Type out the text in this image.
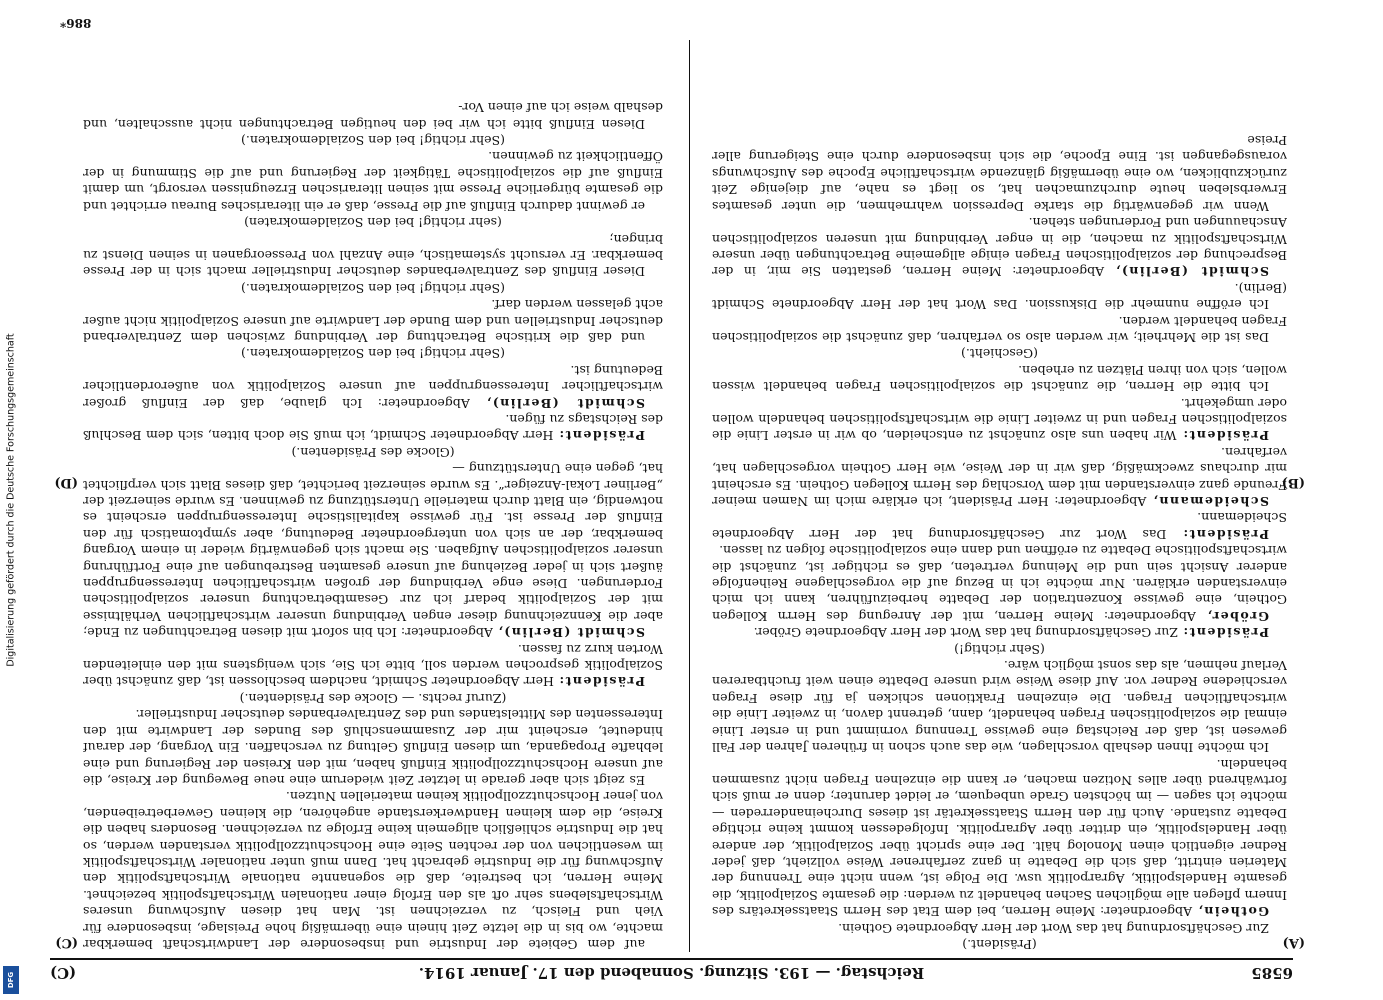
6585
Reichstag. — 193. Sitzung. Sonnabend den 17. Januar 1914.
(C)
(A)
(B)
(C)
(D)

(Präsident.)

Zur Geschäftsordnung hat das Wort der Herr Abgeordnete Gothein.

Gothein, Abgeordneter: Meine Herren, bei dem Etat des Herrn Staatssekretärs des Innern pflegen alle möglichen Sachen behandelt zu werden: die gesamte Sozialpolitik, die gesamte Handelspolitik, Agrarpolitik usw. Die Folge ist, wenn nicht eine Trennung der Materien eintritt, daß sich die Debatte in ganz zerfahrener Weise vollzieht, daß jeder Redner eigentlich einen Monolog hält. Der eine spricht über Sozialpolitik, der andere über Handelspolitik, ein dritter über Agrarpolitik. Infolgedessen kommt keine richtige Debatte zustande. Auch für den Herrn Staatssekretär ist dieses Durcheinanderreden — möchte ich sagen — im höchsten Grade unbequem, er leidet darunter; denn er muß sich fortwährend über alles Notizen machen, er kann die einzelnen Fragen nicht zusammen behandeln.

Ich möchte Ihnen deshalb vorschlagen, wie das auch schon in früheren Jahren der Fall gewesen ist, daß der Reichstag eine gewisse Trennung vornimmt und in erster Linie einmal die sozialpolitischen Fragen behandelt, dann, getrennt davon, in zweiter Linie die wirtschaftlichen Fragen. Die einzelnen Fraktionen schicken ja für diese Fragen verschiedene Redner vor. Auf diese Weise wird unsere Debatte einen weit fruchtbareren Verlauf nehmen, als das sonst möglich wäre.

(Sehr richtig!)

Präsident: Zur Geschäftsordnung hat das Wort der Herr Abgeordnete Gröber.

Gröber, Abgeordneter: Meine Herren, mit der Anregung des Herrn Kollegen Gothein, eine gewisse Konzentration der Debatte herbeizuführen, kann ich mich einverstanden erklären. Nur möchte ich in Bezug auf die vorgeschlagene Reihenfolge anderer Ansicht sein und die Meinung vertreten, daß es richtiger ist, zunächst die wirtschaftspolitische Debatte zu eröffnen und dann eine sozialpolitische folgen zu lassen.

Präsident: Das Wort zur Geschäftsordnung hat der Herr Abgeordnete Scheidemann.

Scheidemann, Abgeordneter: Herr Präsident, ich erkläre mich im Namen meiner Freunde ganz einverstanden mit dem Vorschlag des Herrn Kollegen Gothein. Es erscheint mir durchaus zweckmäßig, daß wir in der Weise, wie Herr Gothein vorgeschlagen hat, verfahren.

Präsident: Wir haben uns also zunächst zu entscheiden, ob wir in erster Linie die sozialpolitischen Fragen und in zweiter Linie die wirtschaftspolitischen behandeln wollen oder umgekehrt.

Ich bitte die Herren, die zunächst die sozialpolitischen Fragen behandelt wissen wollen, sich von ihren Plätzen zu erheben.

(Geschieht.)

Das ist die Mehrheit; wir werden also so verfahren, daß zunächst die sozialpolitischen Fragen behandelt werden.

Ich eröffne nunmehr die Diskussion. Das Wort hat der Herr Abgeordnete Schmidt (Berlin).

Schmidt (Berlin), Abgeordneter: Meine Herren, gestatten Sie mir, in der Besprechung der sozialpolitischen Fragen einige allgemeine Betrachtungen über unsere Wirtschaftspolitik zu machen, die in enger Verbindung mit unseren sozialpolitischen Anschauungen und Forderungen stehen.

Wenn wir gegenwärtig die starke Depression wahrnehmen, die unter gesamtes Erwerbsleben heute durchzumachen hat, so liegt es nahe, auf diejenige Zeit zurückzublicken, wo eine übermäßig glänzende wirtschaftliche Epoche des Aufschwungs vorausgegangen ist. Eine Epoche, die sich insbesondere durch eine Steigerung aller Preise

auf dem Gebiete der Industrie und insbesondere der Landwirtschaft bemerkbar machte, wo bis in die letzte Zeit hinein eine übermäßig hohe Preislage, insbesondere für Vieh und Fleisch, zu verzeichnen ist. Man hat diesen Aufschwung unseres Wirtschaftslebens sehr oft als den Erfolg einer nationalen Wirtschaftspolitik bezeichnet. Meine Herren, ich bestreite, daß die sogenannte nationale Wirtschaftspolitik den Aufschwung für die Industrie gebracht hat. Dann muß unter nationaler Wirtschaftspolitik im wesentlichen von der rechten Seite eine Hochschutzzollpolitik verstanden werden, so hat die Industrie schließlich allgemein keine Erfolge zu verzeichnen. Besonders haben die Kreise, die dem kleinen Handwerkerstande angehören, die kleinen Gewerbetreibenden, von jener Hochschutzzollpolitik keinen materiellen Nutzen.

Es zeigt sich aber gerade in letzter Zeit wiederum eine neue Bewegung der Kreise, die auf unsere Hochschutzzollpolitik Einfluß haben, mit den Kreisen der Regierung und eine lebhafte Propaganda, um diesen Einfluß Geltung zu verschaffen. Ein Vorgang, der darauf hindeutet, erscheint mir der Zusammenschluß des Bundes der Landwirte mit den Interessenten des Mittelstandes und des Zentralverbandes deutscher Industrieller.

(Zuruf rechts. — Glocke des Präsidenten.)

Präsident: Herr Abgeordneter Schmidt, nachdem beschlossen ist, daß zunächst über Sozialpolitik gesprochen werden soll, bitte ich Sie, sich wenigstens mit den einleitenden Worten kurz zu fassen.

Schmidt (Berlin), Abgeordneter: Ich bin sofort mit diesen Betrachtungen zu Ende; aber die Kennzeichnung dieser engen Verbindung unserer wirtschaftlichen Verhältnisse mit der Sozialpolitik bedarf ich zur Gesamtbetrachtung unserer sozialpolitischen Forderungen. Diese enge Verbindung der großen wirtschaftlichen Interessengruppen äußert sich in jeder Beziehung auf unsere gesamten Bestrebungen auf eine Fortführung unserer sozialpolitischen Aufgaben. Sie macht sich gegenwärtig wieder in einem Vorgang bemerkbar, der an sich von untergeordneter Bedeutung, aber symptomatisch für den Einfluß der Presse ist. Für gewisse kapitalistische Interessengruppen erscheint es notwendig, ein Blatt durch materielle Unterstützung zu gewinnen. Es wurde seinerzeit der „Berliner Lokal-Anzeiger“. Es wurde seinerzeit berichtet, daß dieses Blatt sich verpflichtet hat, gegen eine Unterstützung —

(Glocke des Präsidenten.)

Präsident: Herr Abgeordneter Schmidt, ich muß Sie doch bitten, sich dem Beschluß des Reichstags zu fügen.

Schmidt (Berlin), Abgeordneter: Ich glaube, daß der Einfluß großer wirtschaftlicher Interessengruppen auf unsere Sozialpolitik von außerordentlicher Bedeutung ist.

(Sehr richtig! bei den Sozialdemokraten.)

und daß die kritische Betrachtung der Verbindung zwischen dem Zentralverband deutscher Industriellen und dem Bunde der Landwirte auf unsere Sozialpolitik nicht außer acht gelassen werden darf.

(Sehr richtig! bei den Sozialdemokraten.)

Dieser Einfluß des Zentralverbandes deutscher Industrieller macht sich in der Presse bemerkbar. Er versucht systematisch, eine Anzahl von Presseorganen in seinen Dienst zu bringen;

(sehr richtig! bei den Sozialdemokraten)

er gewinnt dadurch Einfluß auf die Presse, daß er ein literarisches Bureau errichtet und die gesamte bürgerliche Presse mit seinen literarischen Erzeugnissen versorgt, um damit Einfluß auf die sozialpolitische Tätigkeit der Regierung und auf die Stimmung in der Öffentlichkeit zu gewinnen.

(Sehr richtig! bei den Sozialdemokraten.)

Diesen Einfluß bitte ich wir bei den heutigen Betrachtungen nicht ausschalten, und deshalb weise ich auf einen Vor-

886*
Digitalisierung gefördert durch die Deutsche Forschungsgemeinschaft
DFG
